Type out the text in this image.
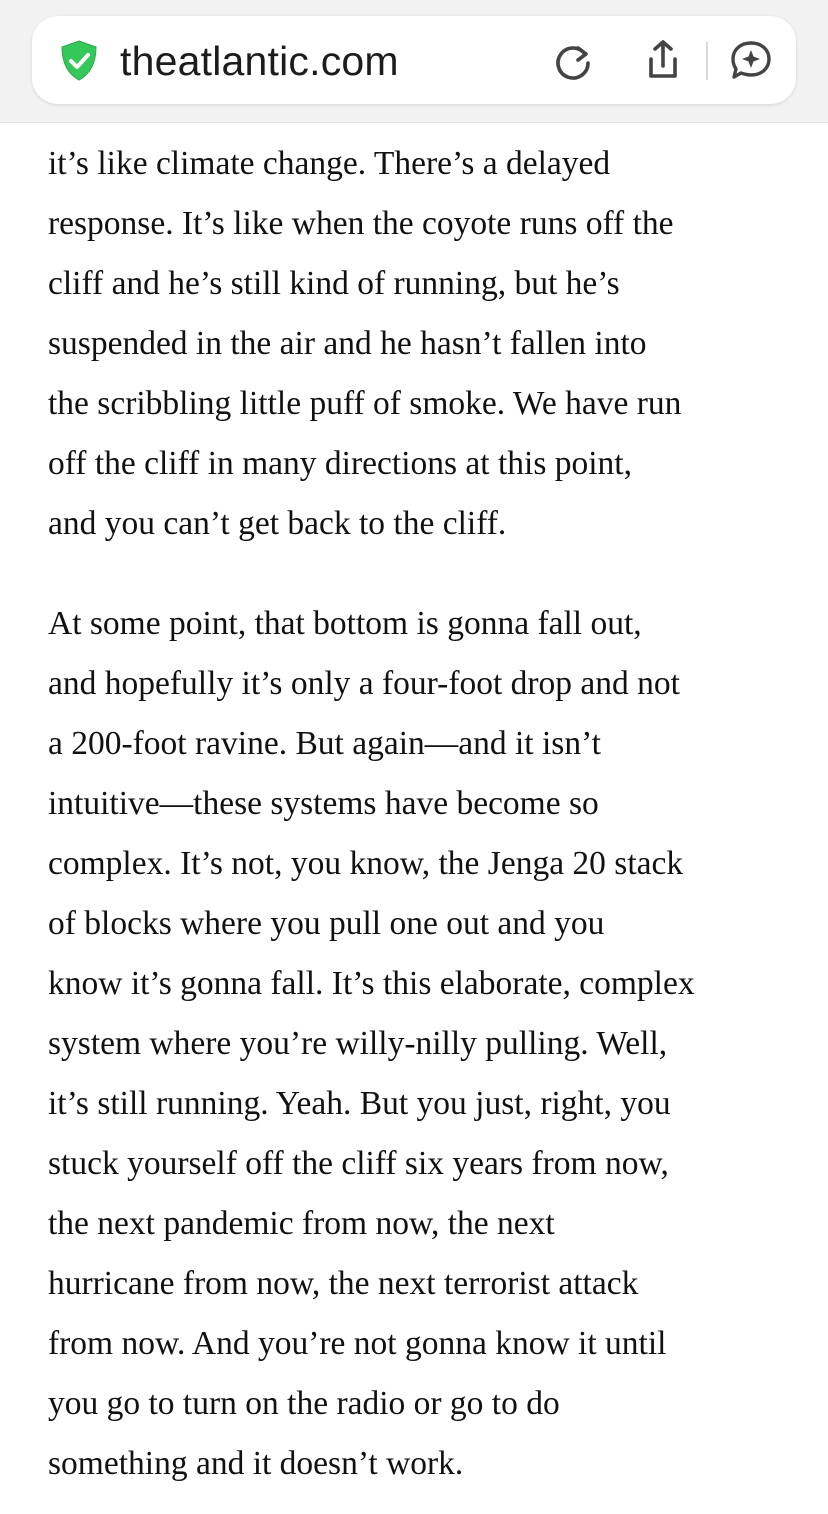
theatlantic.com

it’s like climate change. There’s a delayed
response. It’s like when the coyote runs off the
cliff and he’s still kind of running, but he’s
suspended in the air and he hasn’t fallen into
the scribbling little puff of smoke. We have run
off the cliff in many directions at this point,
and you can’t get back to the cliff.

At some point, that bottom is gonna fall out,
and hopefully it’s only a four-foot drop and not
a 200-foot ravine. But again—and it isn’t
intuitive—these systems have become so
complex. It’s not, you know, the Jenga 20 stack
of blocks where you pull one out and you
know it’s gonna fall. It’s this elaborate, complex
system where you’re willy-nilly pulling. Well,
it’s still running. Yeah. But you just, right, you
stuck yourself off the cliff six years from now,
the next pandemic from now, the next
hurricane from now, the next terrorist attack
from now. And you’re not gonna know it until
you go to turn on the radio or go to do
something and it doesn’t work.
